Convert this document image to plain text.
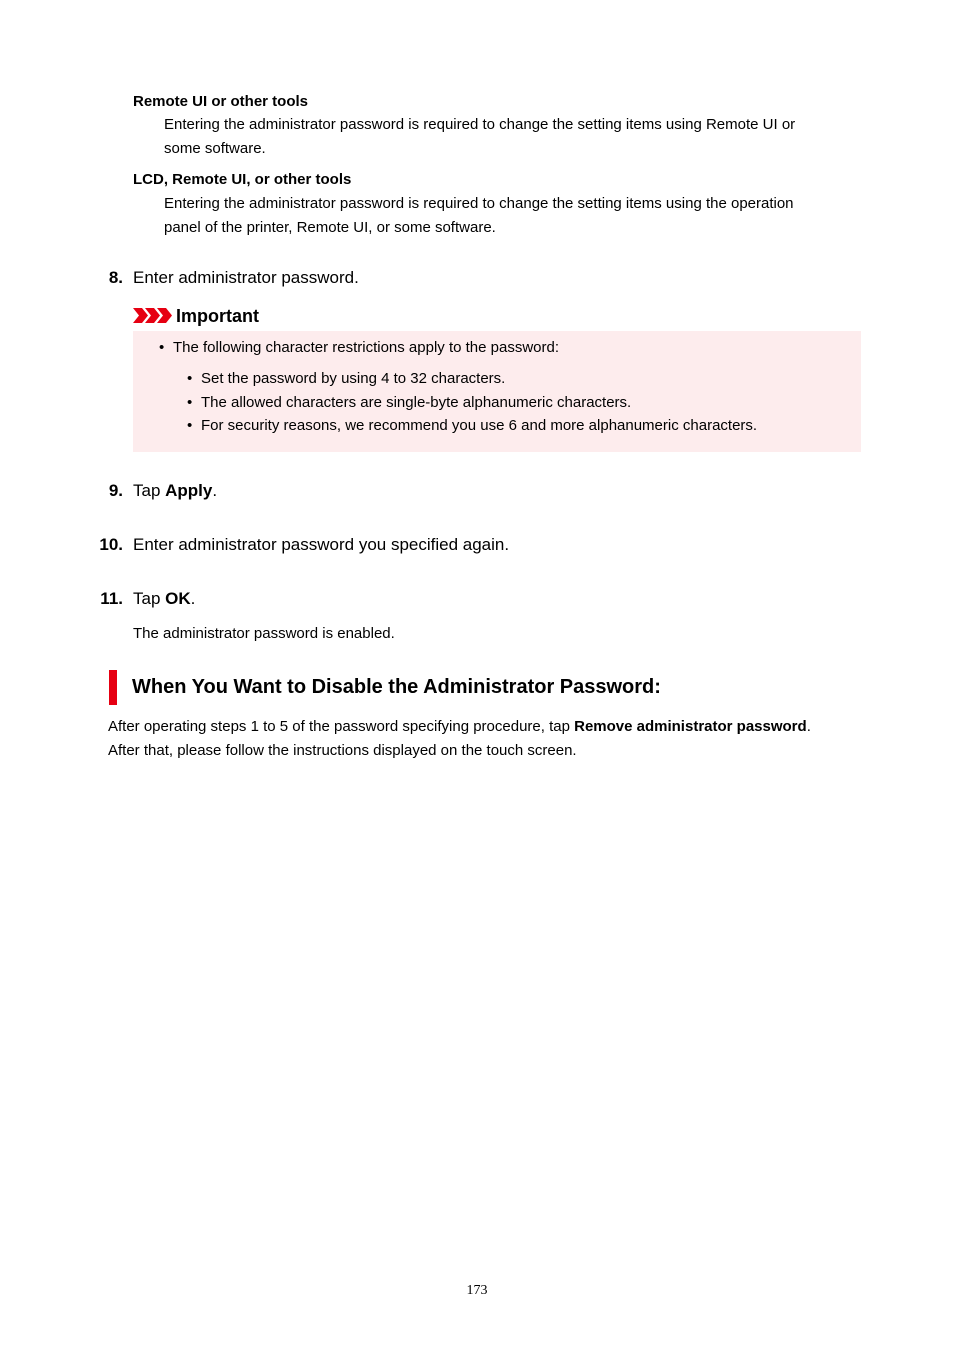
Remote UI or other tools
Entering the administrator password is required to change the setting items using Remote UI or
some software.
LCD, Remote UI, or other tools
Entering the administrator password is required to change the setting items using the operation
panel of the printer, Remote UI, or some software.
8. Enter administrator password.
Important
• The following character restrictions apply to the password:
• Set the password by using 4 to 32 characters.
• The allowed characters are single-byte alphanumeric characters.
• For security reasons, we recommend you use 6 and more alphanumeric characters.
9. Tap Apply.
10. Enter administrator password you specified again.
11. Tap OK.
The administrator password is enabled.
When You Want to Disable the Administrator Password:
After operating steps 1 to 5 of the password specifying procedure, tap Remove administrator password.
After that, please follow the instructions displayed on the touch screen.
173
